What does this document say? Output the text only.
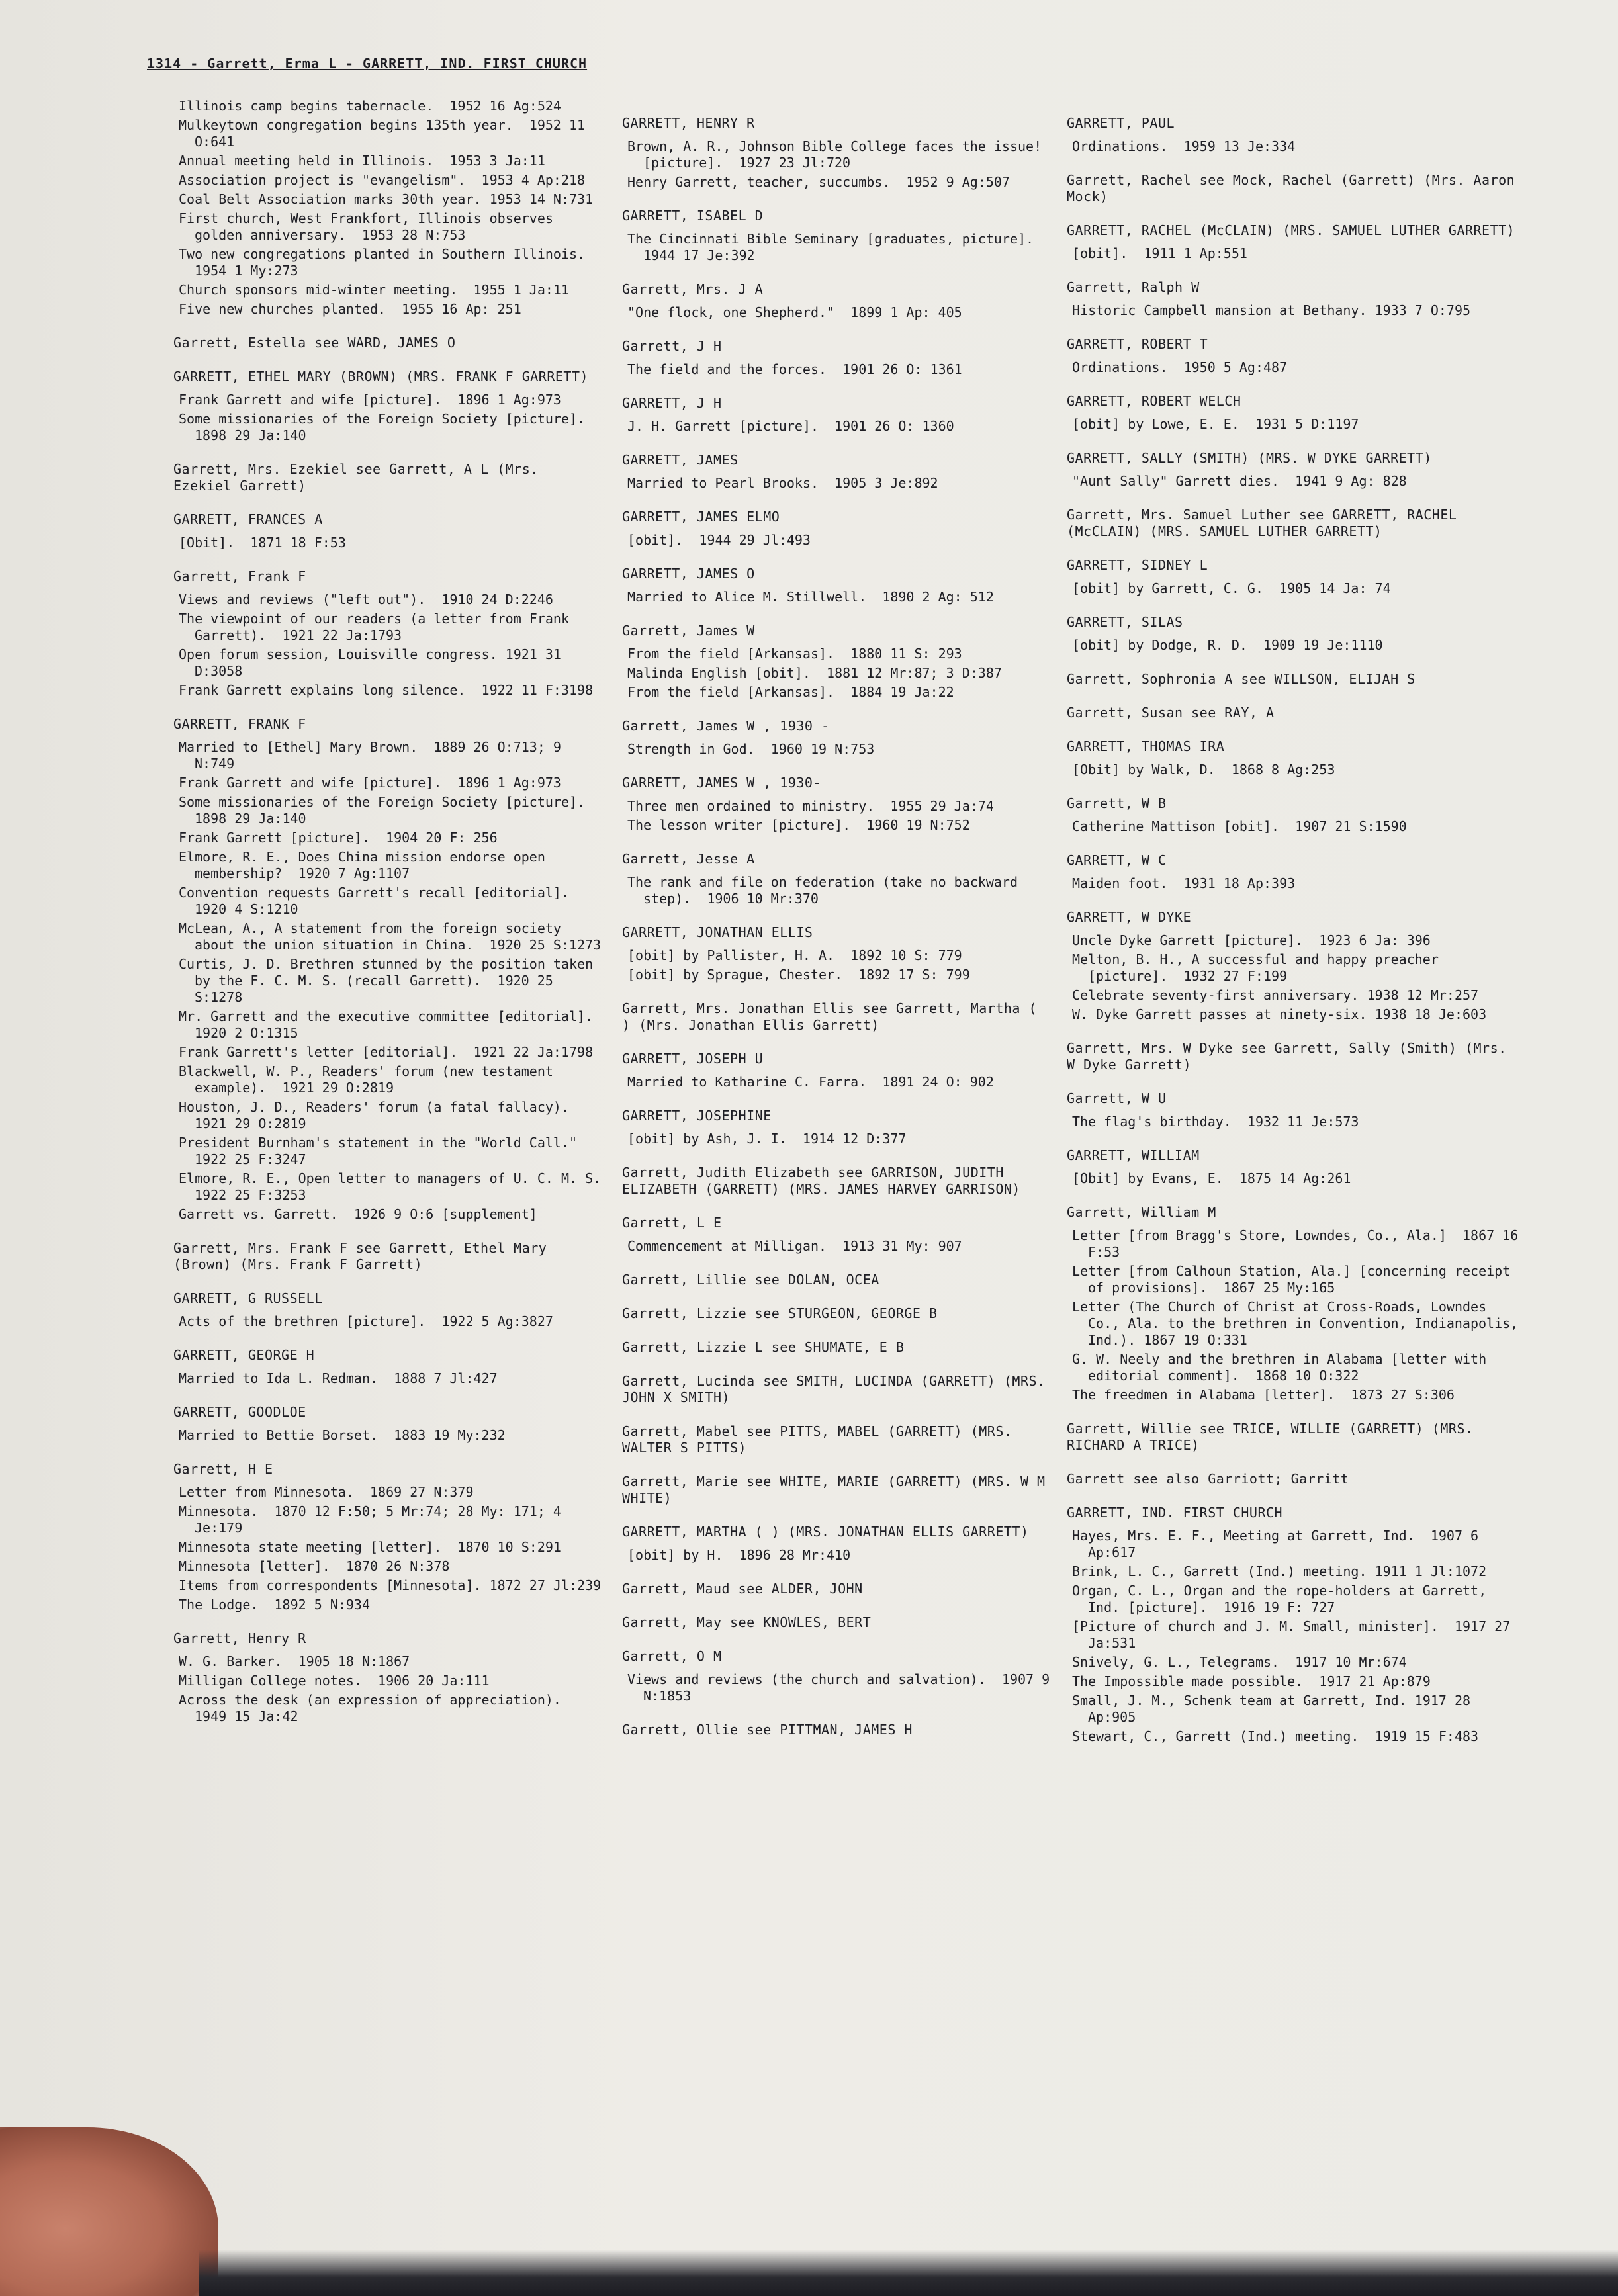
1314 - Garrett, Erma L - GARRETT, IND. FIRST CHURCH
Illinois camp begins tabernacle.  1952 16 Ag:524
Mulkeytown congregation begins 135th year.  1952 11 O:641
Annual meeting held in Illinois.  1953 3 Ja:11
Association project is "evangelism".  1953 4 Ap:218
Coal Belt Association marks 30th year. 1953 14 N:731
First church, West Frankfort, Illinois observes golden anniversary.  1953 28 N:753
Two new congregations planted in Southern Illinois.  1954 1 My:273
Church sponsors mid-winter meeting.  1955 1 Ja:11
Five new churches planted.  1955 16 Ap: 251
Garrett, Estella see WARD, JAMES O
GARRETT, ETHEL MARY (BROWN) (MRS. FRANK F GARRETT)
Frank Garrett and wife [picture].  1896 1 Ag:973
Some missionaries of the Foreign Society [picture].  1898 29 Ja:140
Garrett, Mrs. Ezekiel see Garrett, A L (Mrs. Ezekiel Garrett)
GARRETT, FRANCES A
[Obit].  1871 18 F:53
Garrett, Frank F
Views and reviews ("left out").  1910 24 D:2246
The viewpoint of our readers (a letter from Frank Garrett).  1921 22 Ja:1793
Open forum session, Louisville congress. 1921 31 D:3058
Frank Garrett explains long silence.  1922 11 F:3198
GARRETT, FRANK F
Married to [Ethel] Mary Brown.  1889 26 O:713; 9 N:749
Frank Garrett and wife [picture].  1896 1 Ag:973
Some missionaries of the Foreign Society [picture].  1898 29 Ja:140
Frank Garrett [picture].  1904 20 F: 256
Elmore, R. E., Does China mission endorse open membership?  1920 7 Ag:1107
Convention requests Garrett's recall [editorial].  1920 4 S:1210
McLean, A., A statement from the foreign society about the union situation in China.  1920 25 S:1273
Curtis, J. D. Brethren stunned by the position taken by the F. C. M. S. (recall Garrett).  1920 25 S:1278
Mr. Garrett and the executive committee [editorial].  1920 2 O:1315
Frank Garrett's letter [editorial].  1921 22 Ja:1798
Blackwell, W. P., Readers' forum (new testament example).  1921 29 O:2819
Houston, J. D., Readers' forum (a fatal fallacy).  1921 29 O:2819
President Burnham's statement in the "World Call."  1922 25 F:3247
Elmore, R. E., Open letter to managers of U. C. M. S.  1922 25 F:3253
Garrett vs. Garrett.  1926 9 O:6 [supplement]
Garrett, Mrs. Frank F see Garrett, Ethel Mary (Brown) (Mrs. Frank F Garrett)
GARRETT, G RUSSELL
Acts of the brethren [picture].  1922 5 Ag:3827
GARRETT, GEORGE H
Married to Ida L. Redman.  1888 7 Jl:427
GARRETT, GOODLOE
Married to Bettie Borset.  1883 19 My:232
Garrett, H E
Letter from Minnesota.  1869 27 N:379
Minnesota.  1870 12 F:50; 5 Mr:74; 28 My: 171; 4 Je:179
Minnesota state meeting [letter].  1870 10 S:291
Minnesota [letter].  1870 26 N:378
Items from correspondents [Minnesota]. 1872 27 Jl:239
The Lodge.  1892 5 N:934
Garrett, Henry R
W. G. Barker.  1905 18 N:1867
Milligan College notes.  1906 20 Ja:111
Across the desk (an expression of appreciation).  1949 15 Ja:42
GARRETT, HENRY R
Brown, A. R., Johnson Bible College faces the issue! [picture].  1927 23 Jl:720
Henry Garrett, teacher, succumbs.  1952 9 Ag:507
GARRETT, ISABEL D
The Cincinnati Bible Seminary [graduates, picture].  1944 17 Je:392
Garrett, Mrs. J A
"One flock, one Shepherd."  1899 1 Ap: 405
Garrett, J H
The field and the forces.  1901 26 O: 1361
GARRETT, J H
J. H. Garrett [picture].  1901 26 O: 1360
GARRETT, JAMES
Married to Pearl Brooks.  1905 3 Je:892
GARRETT, JAMES ELMO
[obit].  1944 29 Jl:493
GARRETT, JAMES O
Married to Alice M. Stillwell.  1890 2 Ag: 512
Garrett, James W
From the field [Arkansas].  1880 11 S: 293
Malinda English [obit].  1881 12 Mr:87; 3 D:387
From the field [Arkansas].  1884 19 Ja:22
Garrett, James W , 1930 -
Strength in God.  1960 19 N:753
GARRETT, JAMES W , 1930-
Three men ordained to ministry.  1955 29 Ja:74
The lesson writer [picture].  1960 19 N:752
Garrett, Jesse A
The rank and file on federation (take no backward step).  1906 10 Mr:370
GARRETT, JONATHAN ELLIS
[obit] by Pallister, H. A.  1892 10 S: 779
[obit] by Sprague, Chester.  1892 17 S: 799
Garrett, Mrs. Jonathan Ellis see Garrett, Martha ( ) (Mrs. Jonathan Ellis Garrett)
GARRETT, JOSEPH U
Married to Katharine C. Farra.  1891 24 O: 902
GARRETT, JOSEPHINE
[obit] by Ash, J. I.  1914 12 D:377
Garrett, Judith Elizabeth see GARRISON, JUDITH ELIZABETH (GARRETT) (MRS. JAMES HARVEY GARRISON)
Garrett, L E
Commencement at Milligan.  1913 31 My: 907
Garrett, Lillie see DOLAN, OCEA
Garrett, Lizzie see STURGEON, GEORGE B
Garrett, Lizzie L see SHUMATE, E B
Garrett, Lucinda see SMITH, LUCINDA (GARRETT) (MRS. JOHN X SMITH)
Garrett, Mabel see PITTS, MABEL (GARRETT) (MRS. WALTER S PITTS)
Garrett, Marie see WHITE, MARIE (GARRETT) (MRS. W M WHITE)
GARRETT, MARTHA ( ) (MRS. JONATHAN ELLIS GARRETT)
[obit] by H.  1896 28 Mr:410
Garrett, Maud see ALDER, JOHN
Garrett, May see KNOWLES, BERT
Garrett, O M
Views and reviews (the church and salvation).  1907 9 N:1853
Garrett, Ollie see PITTMAN, JAMES H
GARRETT, PAUL
Ordinations.  1959 13 Je:334
Garrett, Rachel see Mock, Rachel (Garrett) (Mrs. Aaron Mock)
GARRETT, RACHEL (McCLAIN) (MRS. SAMUEL LUTHER GARRETT)
[obit].  1911 1 Ap:551
Garrett, Ralph W
Historic Campbell mansion at Bethany. 1933 7 O:795
GARRETT, ROBERT T
Ordinations.  1950 5 Ag:487
GARRETT, ROBERT WELCH
[obit] by Lowe, E. E.  1931 5 D:1197
GARRETT, SALLY (SMITH) (MRS. W DYKE GARRETT)
"Aunt Sally" Garrett dies.  1941 9 Ag: 828
Garrett, Mrs. Samuel Luther see GARRETT, RACHEL (McCLAIN) (MRS. SAMUEL LUTHER GARRETT)
GARRETT, SIDNEY L
[obit] by Garrett, C. G.  1905 14 Ja: 74
GARRETT, SILAS
[obit] by Dodge, R. D.  1909 19 Je:1110
Garrett, Sophronia A see WILLSON, ELIJAH S
Garrett, Susan see RAY, A
GARRETT, THOMAS IRA
[Obit] by Walk, D.  1868 8 Ag:253
Garrett, W B
Catherine Mattison [obit].  1907 21 S:1590
GARRETT, W C
Maiden foot.  1931 18 Ap:393
GARRETT, W DYKE
Uncle Dyke Garrett [picture].  1923 6 Ja: 396
Melton, B. H., A successful and happy preacher [picture].  1932 27 F:199
Celebrate seventy-first anniversary. 1938 12 Mr:257
W. Dyke Garrett passes at ninety-six. 1938 18 Je:603
Garrett, Mrs. W Dyke see Garrett, Sally (Smith) (Mrs. W Dyke Garrett)
Garrett, W U
The flag's birthday.  1932 11 Je:573
GARRETT, WILLIAM
[Obit] by Evans, E.  1875 14 Ag:261
Garrett, William M
Letter [from Bragg's Store, Lowndes, Co., Ala.]  1867 16 F:53
Letter [from Calhoun Station, Ala.] [concerning receipt of provisions].  1867 25 My:165
Letter (The Church of Christ at Cross-Roads, Lowndes Co., Ala. to the brethren in Convention, Indianapolis, Ind.). 1867 19 O:331
G. W. Neely and the brethren in Alabama [letter with editorial comment].  1868 10 O:322
The freedmen in Alabama [letter].  1873 27 S:306
Garrett, Willie see TRICE, WILLIE (GARRETT) (MRS. RICHARD A TRICE)
Garrett see also Garriott; Garritt
GARRETT, IND. FIRST CHURCH
Hayes, Mrs. E. F., Meeting at Garrett, Ind.  1907 6 Ap:617
Brink, L. C., Garrett (Ind.) meeting. 1911 1 Jl:1072
Organ, C. L., Organ and the rope-holders at Garrett, Ind. [picture].  1916 19 F: 727
[Picture of church and J. M. Small, minister].  1917 27 Ja:531
Snively, G. L., Telegrams.  1917 10 Mr:674
The Impossible made possible.  1917 21 Ap:879
Small, J. M., Schenk team at Garrett, Ind. 1917 28 Ap:905
Stewart, C., Garrett (Ind.) meeting.  1919 15 F:483
